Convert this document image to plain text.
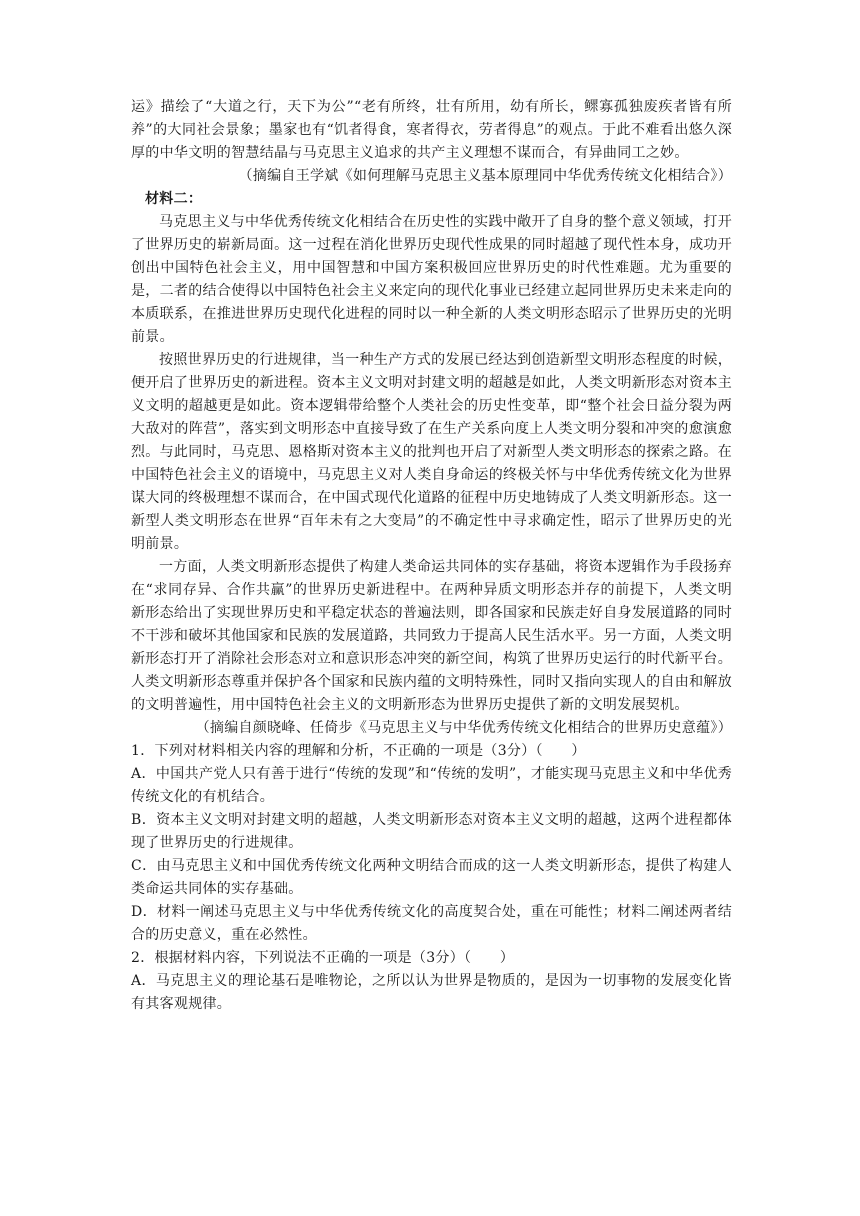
运》描绘了“大道之行，天下为公”“老有所终，壮有所用，幼有所长，鳏寡孤独废疾者皆有所养”的大同社会景象；墨家也有“饥者得食，寒者得衣，劳者得息”的观点。于此不难看出悠久深厚的中华文明的智慧结晶与马克思主义追求的共产主义理想不谋而合，有异曲同工之妙。

（摘编自王学斌《如何理解马克思主义基本原理同中华优秀传统文化相结合》）

材料二：

马克思主义与中华优秀传统文化相结合在历史性的实践中敞开了自身的整个意义领域，打开了世界历史的崭新局面。这一过程在消化世界历史现代性成果的同时超越了现代性本身，成功开创出中国特色社会主义，用中国智慧和中国方案积极回应世界历史的时代性难题。尤为重要的是，二者的结合使得以中国特色社会主义来定向的现代化事业已经建立起同世界历史未来走向的本质联系，在推进世界历史现代化进程的同时以一种全新的人类文明形态昭示了世界历史的光明前景。

按照世界历史的行进规律，当一种生产方式的发展已经达到创造新型文明形态程度的时候，便开启了世界历史的新进程。资本主义文明对封建文明的超越是如此，人类文明新形态对资本主义文明的超越更是如此。资本逻辑带给整个人类社会的历史性变革，即“整个社会日益分裂为两大敌对的阵营”，落实到文明形态中直接导致了在生产关系向度上人类文明分裂和冲突的愈演愈烈。与此同时，马克思、恩格斯对资本主义的批判也开启了对新型人类文明形态的探索之路。在中国特色社会主义的语境中，马克思主义对人类自身命运的终极关怀与中华优秀传统文化为世界谋大同的终极理想不谋而合，在中国式现代化道路的征程中历史地铸成了人类文明新形态。这一新型人类文明形态在世界“百年未有之大变局”的不确定性中寻求确定性，昭示了世界历史的光明前景。

一方面，人类文明新形态提供了构建人类命运共同体的实存基础，将资本逻辑作为手段扬弃在“求同存异、合作共赢”的世界历史新进程中。在两种异质文明形态并存的前提下，人类文明新形态给出了实现世界历史和平稳定状态的普遍法则，即各国家和民族走好自身发展道路的同时不干涉和破坏其他国家和民族的发展道路，共同致力于提高人民生活水平。另一方面，人类文明新形态打开了消除社会形态对立和意识形态冲突的新空间，构筑了世界历史运行的时代新平台。人类文明新形态尊重并保护各个国家和民族内蕴的文明特殊性，同时又指向实现人的自由和解放的文明普遍性，用中国特色社会主义的文明新形态为世界历史提供了新的文明发展契机。

（摘编自颜晓峰、任倚步《马克思主义与中华优秀传统文化相结合的世界历史意蕴》）

1．下列对材料相关内容的理解和分析，不正确的一项是（3分）（　　）

A．中国共产党人只有善于进行“传统的发现”和“传统的发明”，才能实现马克思主义和中华优秀传统文化的有机结合。

B．资本主义文明对封建文明的超越，人类文明新形态对资本主义文明的超越，这两个进程都体现了世界历史的行进规律。

C．由马克思主义和中国优秀传统文化两种文明结合而成的这一人类文明新形态，提供了构建人类命运共同体的实存基础。

D．材料一阐述马克思主义与中华优秀传统文化的高度契合处，重在可能性；材料二阐述两者结合的历史意义，重在必然性。

2．根据材料内容，下列说法不正确的一项是（3分）（　　）

A．马克思主义的理论基石是唯物论，之所以认为世界是物质的，是因为一切事物的发展变化皆有其客观规律。
